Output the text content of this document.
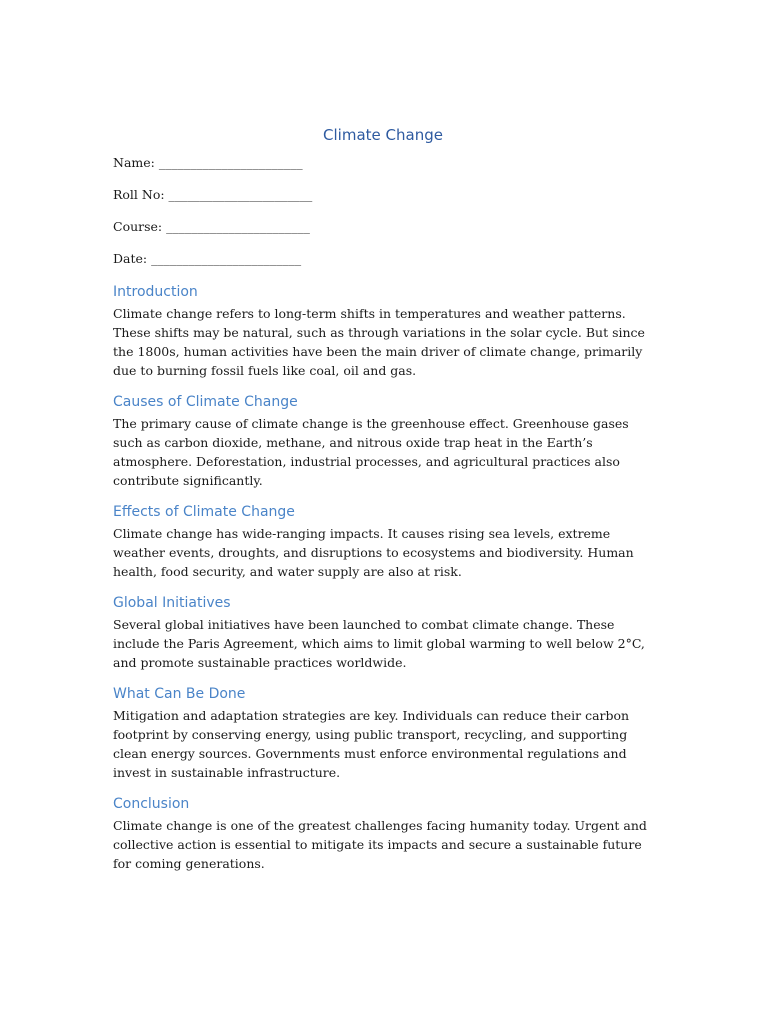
Climate Change
Name: _______________________
Roll No: _______________________
Course: _______________________
Date: ________________________
Introduction

Climate change refers to long-term shifts in temperatures and weather patterns. These shifts may be natural, such as through variations in the solar cycle. But since the 1800s, human activities have been the main driver of climate change, primarily due to burning fossil fuels like coal, oil and gas.

Causes of Climate Change

The primary cause of climate change is the greenhouse effect. Greenhouse gases such as carbon dioxide, methane, and nitrous oxide trap heat in the Earth’s atmosphere. Deforestation, industrial processes, and agricultural practices also contribute significantly.

Effects of Climate Change

Climate change has wide-ranging impacts. It causes rising sea levels, extreme weather events, droughts, and disruptions to ecosystems and biodiversity. Human health, food security, and water supply are also at risk.

Global Initiatives

Several global initiatives have been launched to combat climate change. These include the Paris Agreement, which aims to limit global warming to well below 2°C, and promote sustainable practices worldwide.

What Can Be Done

Mitigation and adaptation strategies are key. Individuals can reduce their carbon footprint by conserving energy, using public transport, recycling, and supporting clean energy sources. Governments must enforce environmental regulations and invest in sustainable infrastructure.

Conclusion

Climate change is one of the greatest challenges facing humanity today. Urgent and collective action is essential to mitigate its impacts and secure a sustainable future for coming generations.
